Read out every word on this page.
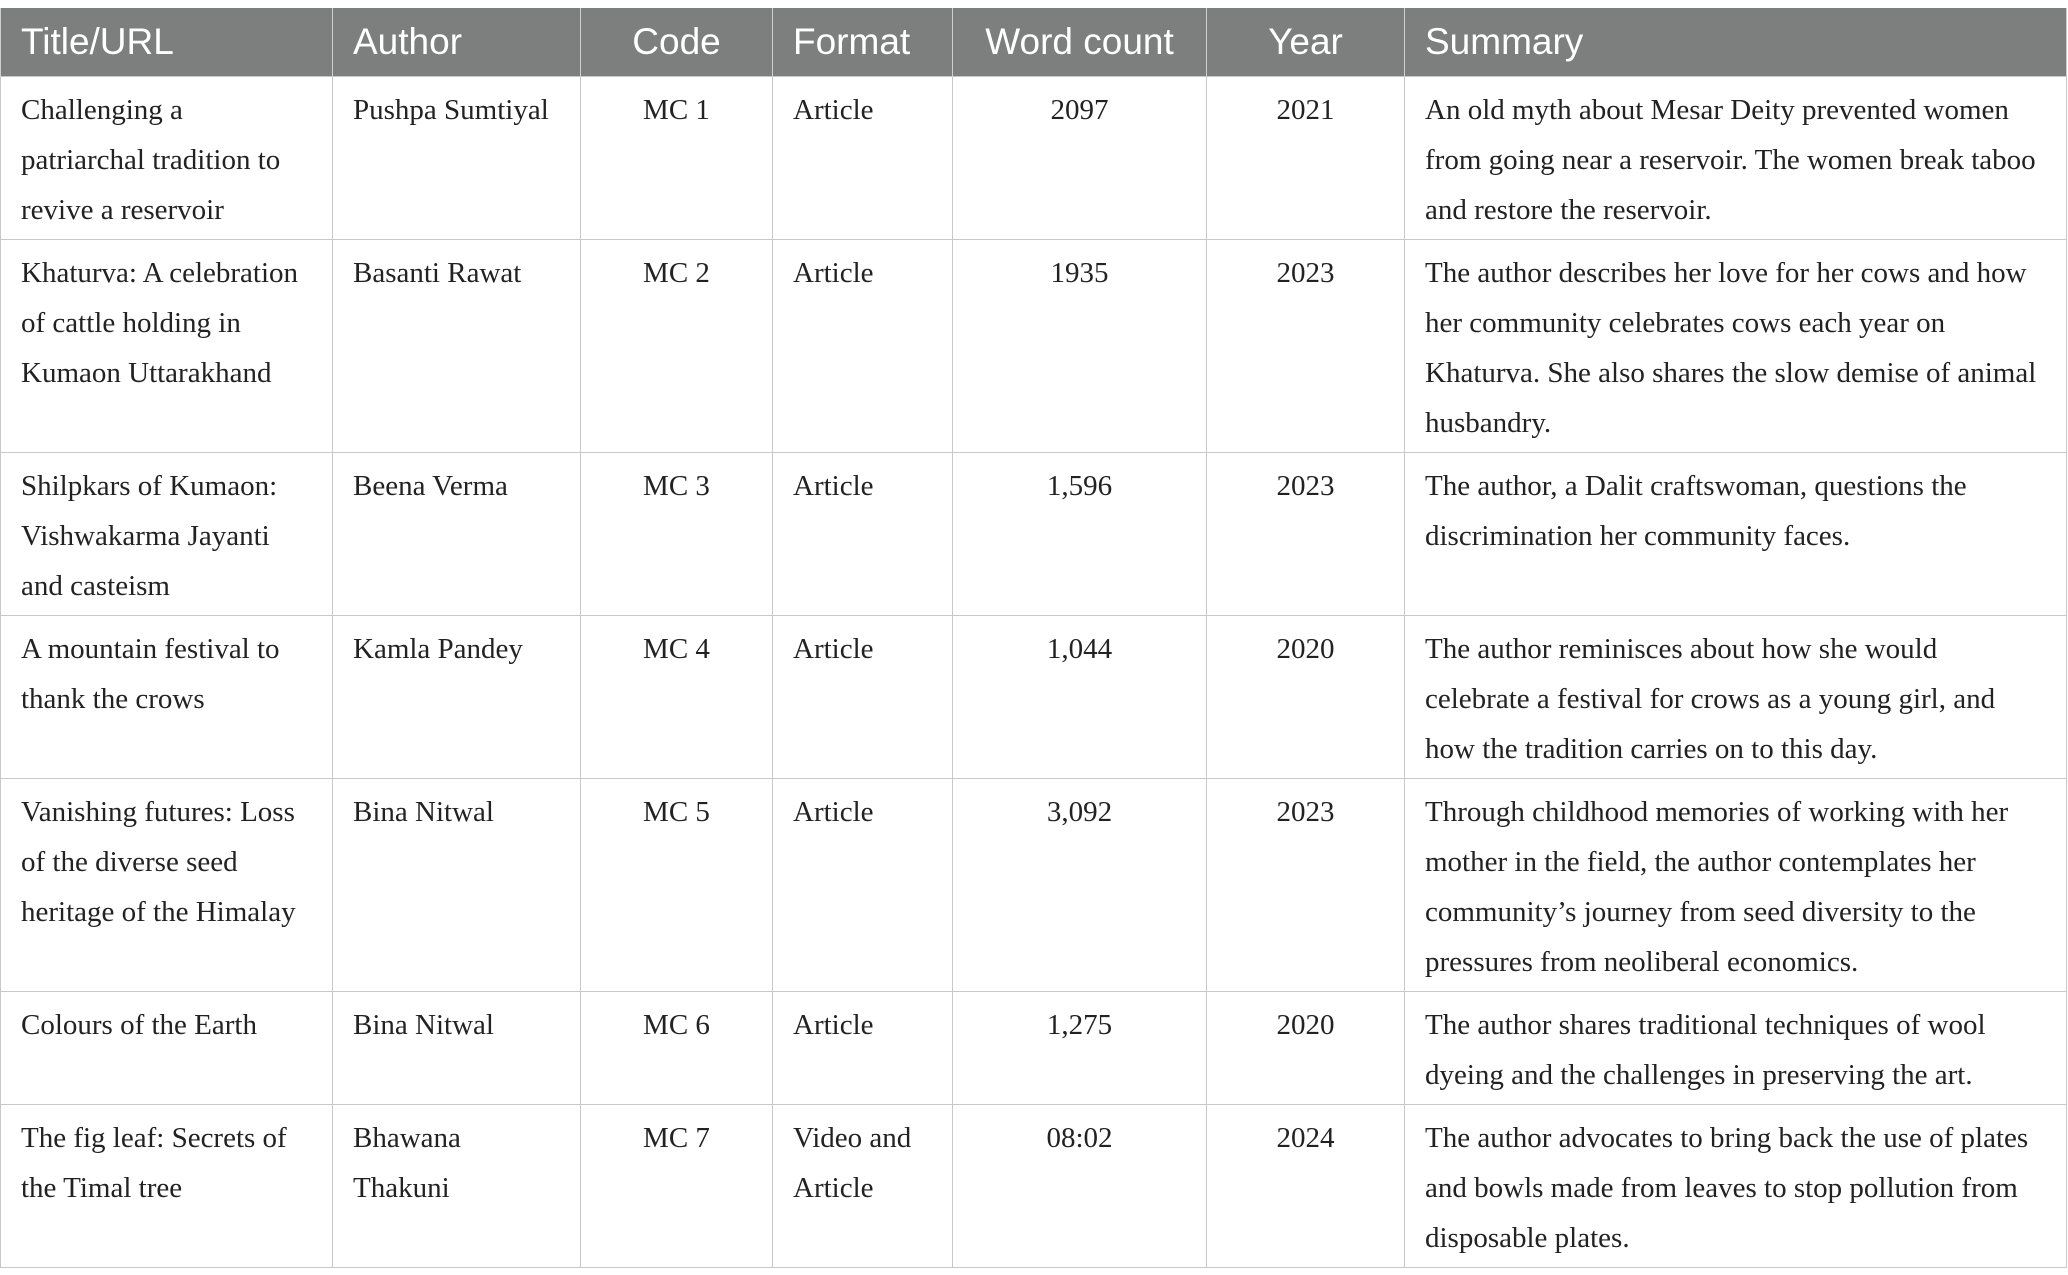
Title/URL	Author	Code	Format	Word count	Year	Summary
Challenging a patriarchal tradition to revive a reservoir	Pushpa Sumtiyal	MC 1	Article	2097	2021	An old myth about Mesar Deity prevented women from going near a reservoir. The women break taboo and restore the reservoir.
Khaturva: A celebration of cattle holding in Kumaon Uttarakhand	Basanti Rawat	MC 2	Article	1935	2023	The author describes her love for her cows and how her community celebrates cows each year on Khaturva. She also shares the slow demise of animal husbandry.
Shilpkars of Kumaon: Vishwakarma Jayanti and casteism	Beena Verma	MC 3	Article	1,596	2023	The author, a Dalit craftswoman, questions the discrimination her community faces.
A mountain festival to thank the crows	Kamla Pandey	MC 4	Article	1,044	2020	The author reminisces about how she would celebrate a festival for crows as a young girl, and how the tradition carries on to this day.
Vanishing futures: Loss of the diverse seed heritage of the Himalay	Bina Nitwal	MC 5	Article	3,092	2023	Through childhood memories of working with her mother in the field, the author contemplates her community’s journey from seed diversity to the pressures from neoliberal economics.
Colours of the Earth	Bina Nitwal	MC 6	Article	1,275	2020	The author shares traditional techniques of wool dyeing and the challenges in preserving the art.
The fig leaf: Secrets of the Timal tree	Bhawana Thakuni	MC 7	Video and Article	08:02	2024	The author advocates to bring back the use of plates and bowls made from leaves to stop pollution from disposable plates.
